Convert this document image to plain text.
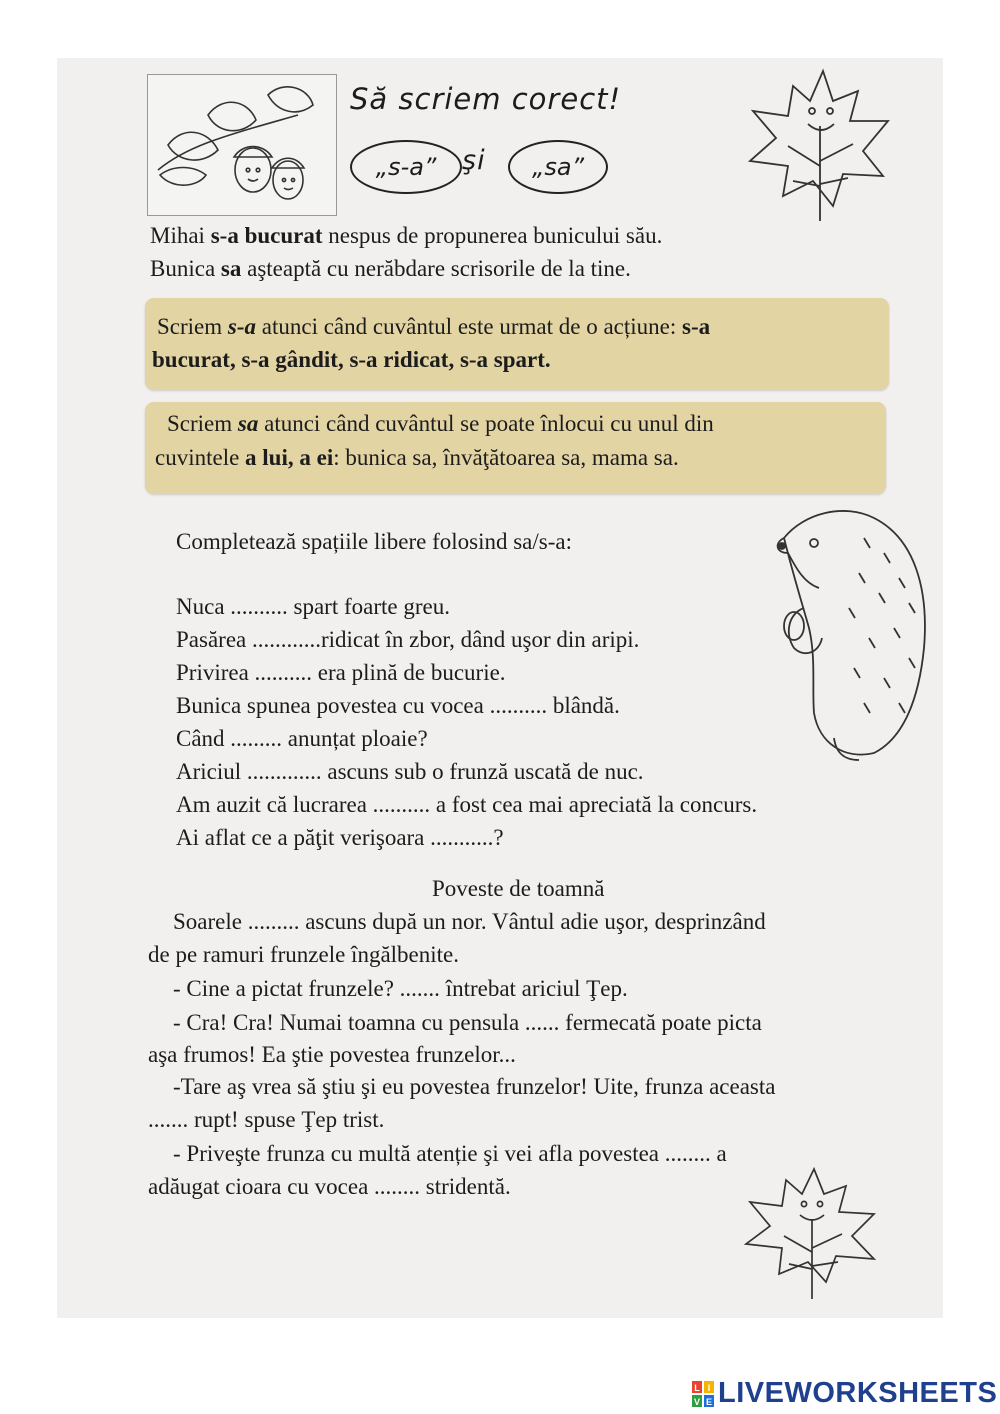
Să scriem corect!
„s-a” şi	„sa”
Mihai s-a bucurat nespus de propunerea bunicului său.
Bunica sa aşteaptă cu nerăbdare scrisorile de la tine.
Scriem s-a atunci când cuvântul este urmat de o acțiune: s-a
bucurat, s-a gândit, s-a ridicat, s-a spart.
Scriem sa atunci când cuvântul se poate înlocui cu unul din
cuvintele a lui, a ei: bunica sa, învăţătoarea sa, mama sa.
Completează spațiile libere folosind sa/s-a:
Nuca .......... spart foarte greu.
Pasărea ............ridicat în zbor, dând uşor din aripi.
Privirea .......... era plină de bucurie.
Bunica spunea povestea cu vocea .......... blândă.
Când ......... anunțat ploaie?
Ariciul ............. ascuns sub o frunză uscată de nuc.
Am auzit că lucrarea .......... a fost cea mai apreciată la concurs.
Ai aflat ce a păţit verişoara ...........?
Poveste de toamnă
Soarele ......... ascuns după un nor. Vântul adie uşor, desprinzând
de pe ramuri frunzele îngălbenite.
- Cine a pictat frunzele? ....... întrebat ariciul Ţep.
- Cra! Cra! Numai toamna cu pensula ...... fermecată poate picta
aşa frumos! Ea ştie povestea frunzelor...
-Tare aş vrea să ştiu şi eu povestea frunzelor! Uite, frunza aceasta
....... rupt! spuse Ţep trist.
- Priveşte frunza cu multă atenție şi vei afla povestea ........ a
adăugat cioara cu vocea ........ stridentă.
L I
V E LIVEWORKSHEETS
